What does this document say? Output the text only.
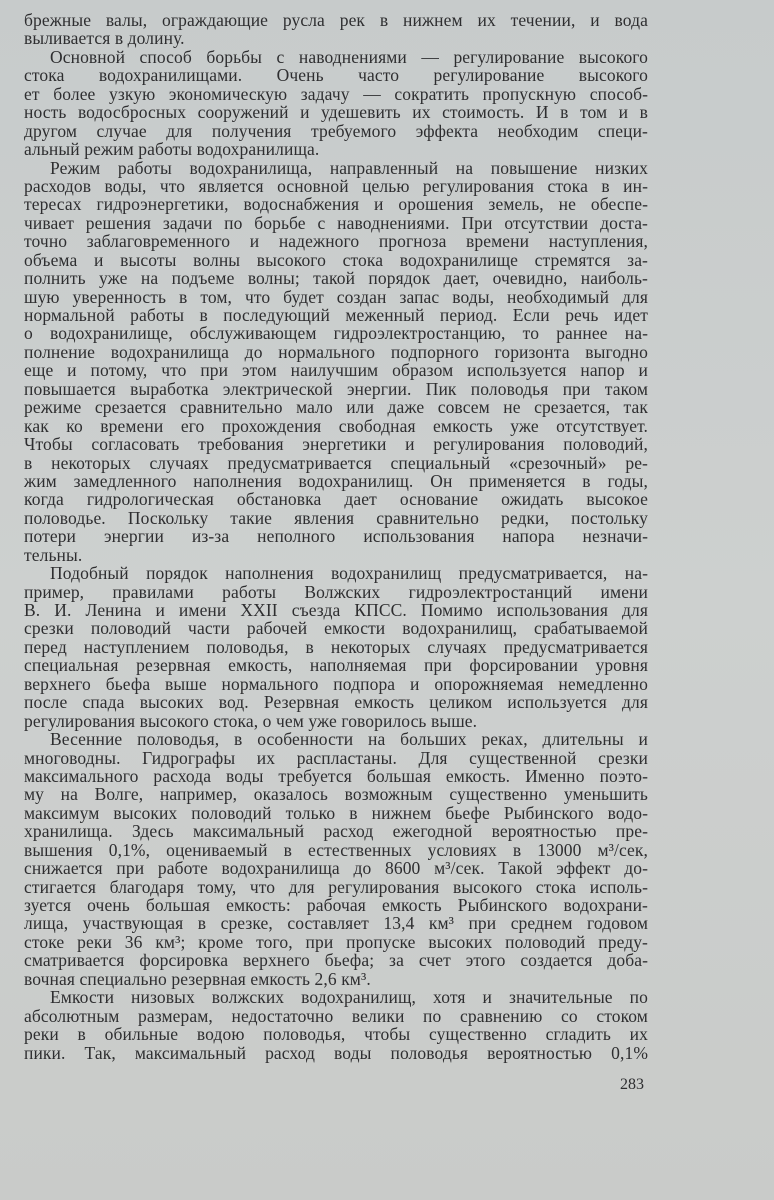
брежные валы, ограждающие русла рек в нижнем их течении, и вода
выливается в долину.
Основной способ борьбы с наводнениями — регулирование высокого
стока водохранилищами. Очень часто регулирование высокого
ет более узкую экономическую задачу — сократить пропускную способ-
ность водосбросных сооружений и удешевить их стоимость. И в том и в
другом случае для получения требуемого эффекта необходим специ-
альный режим работы водохранилища.
Режим работы водохранилища, направленный на повышение низких
расходов воды, что является основной целью регулирования стока в ин-
тересах гидроэнергетики, водоснабжения и орошения земель, не обеспе-
чивает решения задачи по борьбе с наводнениями. При отсутствии доста-
точно заблаговременного и надежного прогноза времени наступления,
объема и высоты волны высокого стока водохранилище стремятся за-
полнить уже на подъеме волны; такой порядок дает, очевидно, наиболь-
шую уверенность в том, что будет создан запас воды, необходимый для
нормальной работы в последующий меженный период. Если речь идет
о водохранилище, обслуживающем гидроэлектростанцию, то раннее на-
полнение водохранилища до нормального подпорного горизонта выгодно
еще и потому, что при этом наилучшим образом используется напор и
повышается выработка электрической энергии. Пик половодья при таком
режиме срезается сравнительно мало или даже совсем не срезается, так
как ко времени его прохождения свободная емкость уже отсутствует.
Чтобы согласовать требования энергетики и регулирования половодий,
в некоторых случаях предусматривается специальный «срезочный» ре-
жим замедленного наполнения водохранилищ. Он применяется в годы,
когда гидрологическая обстановка дает основание ожидать высокое
половодье. Поскольку такие явления сравнительно редки, постольку
потери энергии из-за неполного использования напора незначи-
тельны.
Подобный порядок наполнения водохранилищ предусматривается, на-
пример, правилами работы Волжских гидроэлектростанций имени
В. И. Ленина и имени XXII съезда КПСС. Помимо использования для
срезки половодий части рабочей емкости водохранилищ, срабатываемой
перед наступлением половодья, в некоторых случаях предусматривается
специальная резервная емкость, наполняемая при форсировании уровня
верхнего бьефа выше нормального подпора и опорожняемая немедленно
после спада высоких вод. Резервная емкость целиком используется для
регулирования высокого стока, о чем уже говорилось выше.
Весенние половодья, в особенности на больших реках, длительны и
многоводны. Гидрографы их распластаны. Для существенной срезки
максимального расхода воды требуется большая емкость. Именно поэто-
му на Волге, например, оказалось возможным существенно уменьшить
максимум высоких половодий только в нижнем бьефе Рыбинского водо-
хранилища. Здесь максимальный расход ежегодной вероятностью пре-
вышения 0,1%, оцениваемый в естественных условиях в 13000 м³/сек,
снижается при работе водохранилища до 8600 м³/сек. Такой эффект до-
стигается благодаря тому, что для регулирования высокого стока исполь-
зуется очень большая емкость: рабочая емкость Рыбинского водохрани-
лища, участвующая в срезке, составляет 13,4 км³ при среднем годовом
стоке реки 36 км³; кроме того, при пропуске высоких половодий преду-
сматривается форсировка верхнего бьефа; за счет этого создается доба-
вочная специально резервная емкость 2,6 км³.
Емкости низовых волжских водохранилищ, хотя и значительные по
абсолютным размерам, недостаточно велики по сравнению со стоком
реки в обильные водою половодья, чтобы существенно сгладить их
пики. Так, максимальный расход воды половодья вероятностью 0,1%
283
